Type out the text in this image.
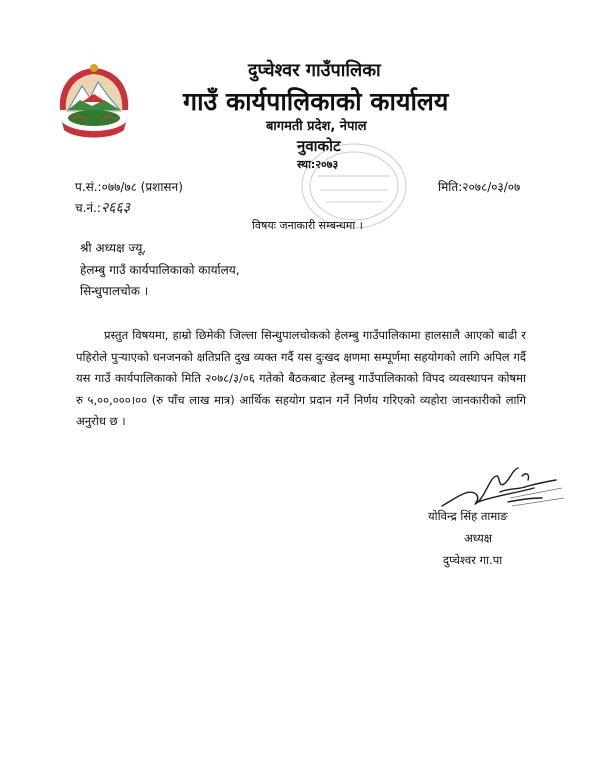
दुप्चेश्वर गाउँपालिका
गाउँ कार्यपालिकाको कार्यालय
बागमती प्रदेश, नेपाल
नुवाकोट
स्था:२०७३
प.सं.:०७७/७८ (प्रशासन)	मिति:२०७८/०३/०७
च.नं.:२६६३
विषयः जनाकारी सम्बन्धमा ।
श्री अध्यक्ष ज्यू,
हेलम्बु गाउँ कार्यपालिकाको कार्यालय,
सिन्धुपालचोक ।
प्रस्तुत विषयमा, हाम्रो छिमेकी जिल्ला सिन्धुपालचोकको हेलम्बु गाउँपालिकामा हालसालै आएको बाढी र पहिरोले पुर्‍याएको धनजनको क्षतिप्रति दुख व्यक्त गर्दै यस दुःखद क्षणमा सम्पूर्णमा सहयोगको लागि अपिल गर्दै यस गाउँ कार्यपालिकाको मिति २०७८/३/०६ गतेको बैठकबाट हेलम्बु गाउँपालिकाको विपद व्यवस्थापन कोषमा रु ५,००,०००।०० (रु पाँच लाख मात्र) आर्थिक सहयोग प्रदान गर्ने निर्णय गरिएको व्यहोरा जानकारीको लागि अनुरोध छ ।
योविन्द्र सिंह तामाङ
अध्यक्ष
दुप्चेश्वर गा.पा
